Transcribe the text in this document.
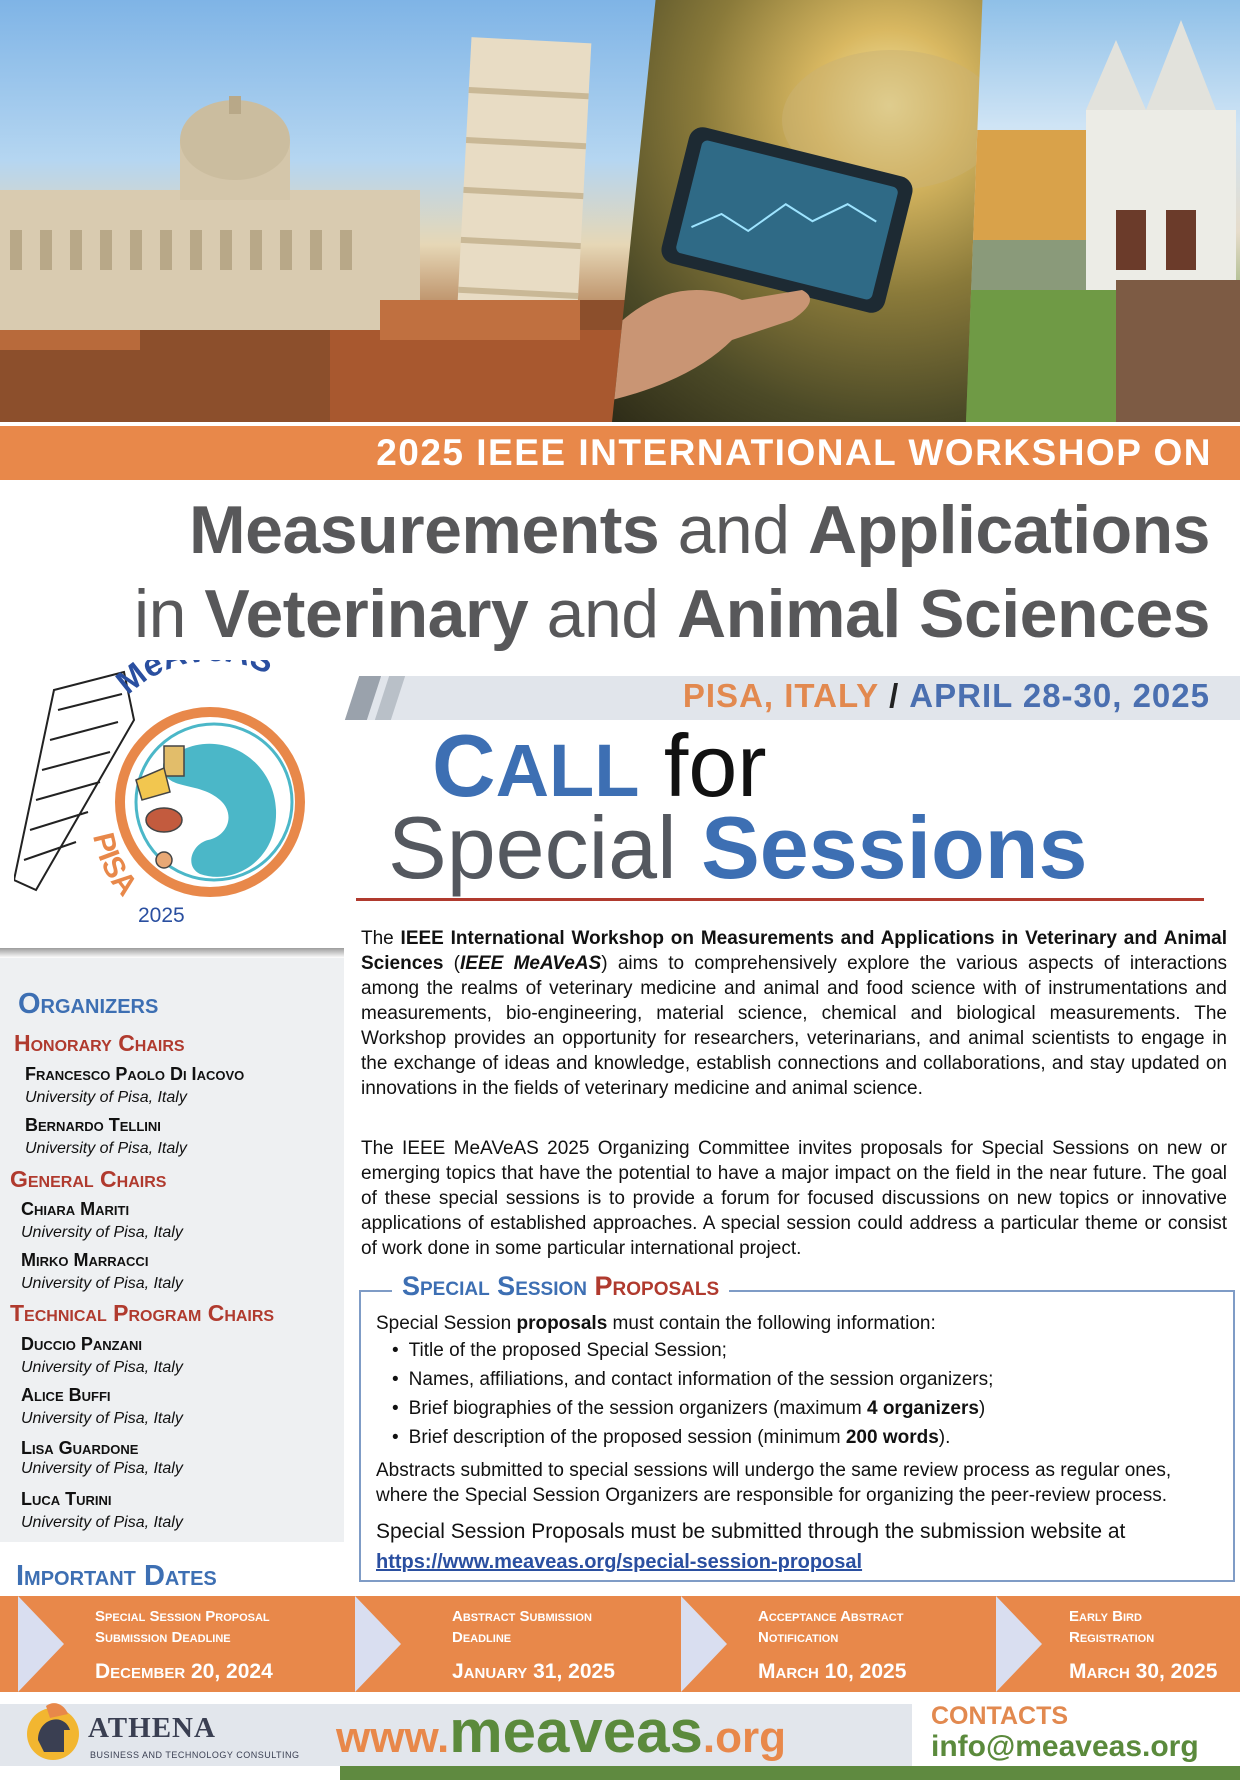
2025 IEEE INTERNATIONAL WORKSHOP ON
Measurements and Applications
in Veterinary and Animal Sciences
Me
PISA
2025
PISA, ITALY / APRIL 28-30, 2025
CALL for
Special Sessions
The IEEE International Workshop on Measurements and Applications in Veterinary and Animal Sciences (IEEE MeAVeAS) aims to comprehensively explore the various aspects of interactions among the realms of veterinary medicine and animal and food science with of instrumentations and measurements, bio-engineering, material science, chemical and biological measurements. The Workshop provides an opportunity for researchers, veterinarians, and animal scientists to engage in the exchange of ideas and knowledge, establish connections and collaborations, and stay updated on innovations in the fields of veterinary medicine and animal science.
The IEEE MeAVeAS 2025 Organizing Committee invites proposals for Special Sessions on new or emerging topics that have the potential to have a major impact on the field in the near future. The goal of these special sessions is to provide a forum for focused discussions on new topics or innovative applications of established approaches. A special session could address a particular theme or consist of work done in some particular international project.
Special Session Proposals
Special Session proposals must contain the following information:
• Title of the proposed Special Session;
• Names, affiliations, and contact information of the session organizers;
• Brief biographies of the session organizers (maximum 4 organizers)
• Brief description of the proposed session (minimum 200 words).
Abstracts submitted to special sessions will undergo the same review process as regular ones, where the Special Session Organizers are responsible for organizing the peer-review process.
Special Session Proposals must be submitted through the submission website at
https://www.meaveas.org/special-session-proposal
Organizers
Honorary Chairs
Francesco Paolo Di Iacovo
University of Pisa, Italy
Bernardo Tellini
University of Pisa, Italy
General Chairs
Chiara Mariti
University of Pisa, Italy
Mirko Marracci
University of Pisa, Italy
Technical Program Chairs
Duccio Panzani
University of Pisa, Italy
Alice Buffi
University of Pisa, Italy
Lisa Guardone
University of Pisa, Italy
Luca Turini
University of Pisa, Italy
Important Dates
Special Session Proposal
Submission Deadline
December 20, 2024
Abstract Submission
Deadline
January 31, 2025
Acceptance Abstract
Notification
March 10, 2025
Early Bird
Registration
March 30, 2025
ATHENA
BUSINESS AND TECHNOLOGY CONSULTING www.meaveas.org	CONTACTS
info@meaveas.org
